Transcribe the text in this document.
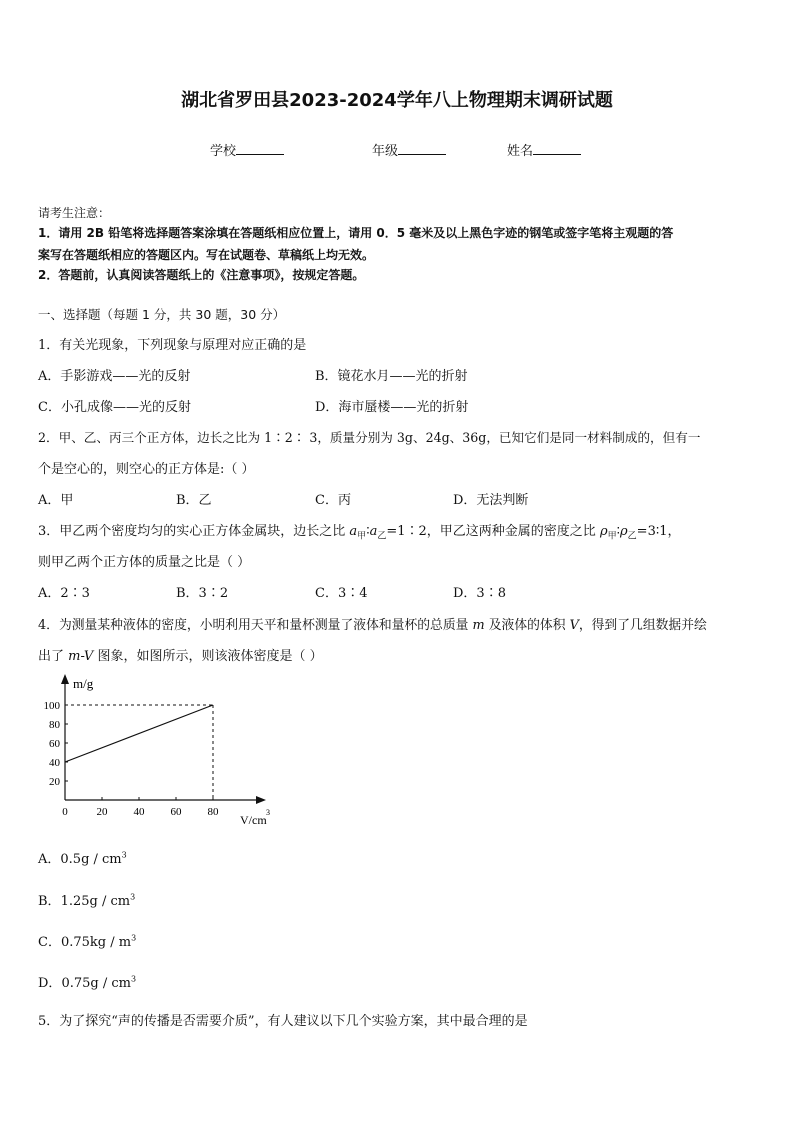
湖北省罗田县2023-2024学年八上物理期末调研试题
学校	年级	姓名
请考生注意：
1．请用 2B 铅笔将选择题答案涂填在答题纸相应位置上，请用 0．5 毫米及以上黑色字迹的钢笔或签字笔将主观题的答
案写在答题纸相应的答题区内。写在试题卷、草稿纸上均无效。
2．答题前，认真阅读答题纸上的《注意事项》，按规定答题。
一、选择题（每题 1 分，共 30 题，30 分）
1．有关光现象，下列现象与原理对应正确的是
A．手影游戏——光的反射	B．镜花水月——光的折射
C．小孔成像——光的反射	D．海市蜃楼——光的折射
2．甲、乙、丙三个正方体，边长之比为 1∶2∶ 3，质量分别为 3g、24g、36g，已知它们是同一材料制成的，但有一
个是空心的，则空心的正方体是:（ ）
A．甲	B．乙	C．丙	D．无法判断
3．甲乙两个密度均匀的实心正方体金属块，边长之比 $a_甲∶a_乙=1∶2$，甲乙这两种金属的密度之比 $\rho_甲∶\rho_乙=3∶1$，
则甲乙两个正方体的质量之比是（ ）
A．2∶3	B．3∶2	C．3∶4	D．3∶8
4．为测量某种液体的密度，小明利用天平和量杯测量了液体和量杯的总质量 m 及液体的体积 V，得到了几组数据并绘
出了 m-V 图象，如图所示，则该液体密度是（ ）
m/g
V/cm
3
0	20 40 60 80
20
40
60
80
100
A．$0.5g / cm^3$
B．$1.25g / cm^3$
C．$0.75kg / m^3$
D．$0.75g / cm^3$
5．为了探究“声的传播是否需要介质”，有人建议以下几个实验方案，其中最合理的是
